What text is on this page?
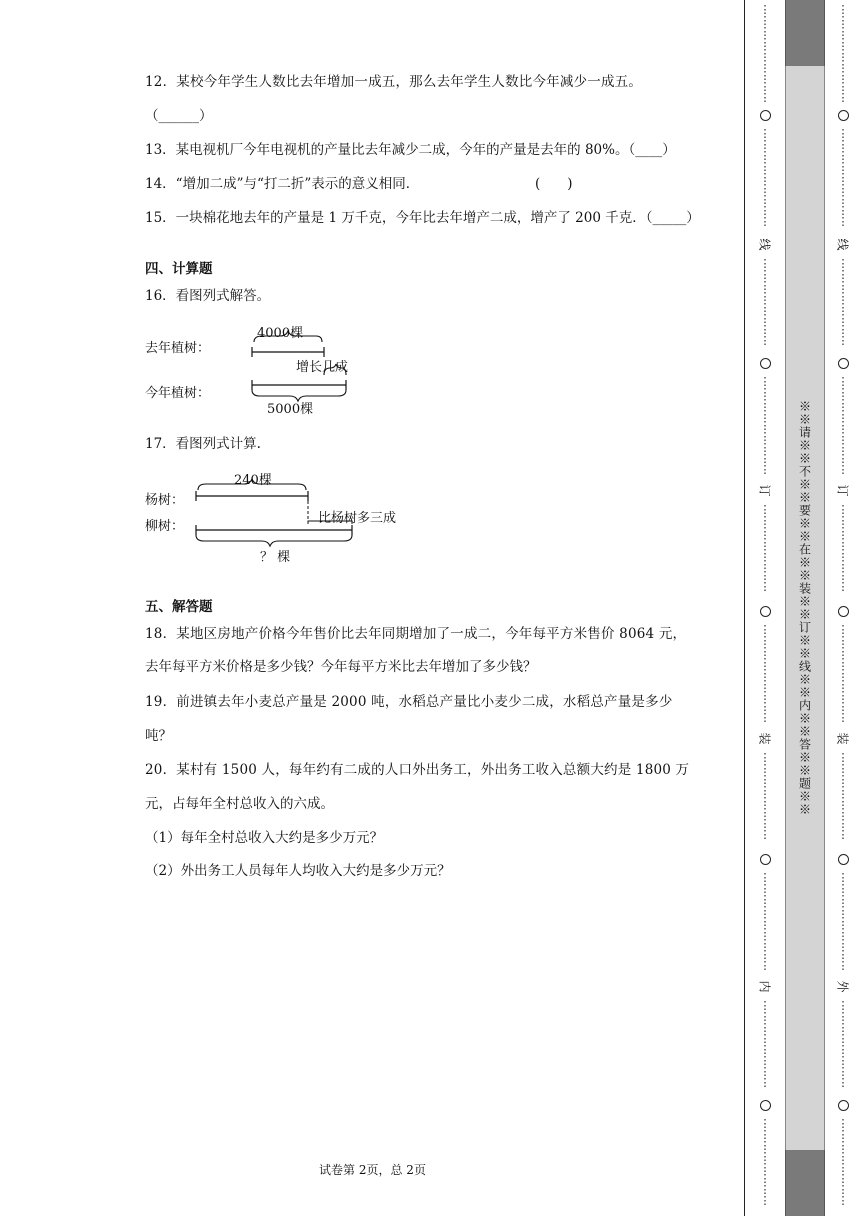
12．某校今年学生人数比去年增加一成五，那么去年学生人数比今年减少一成五。
（______）
13．某电视机厂今年电视机的产量比去年减少二成，今年的产量是去年的 80%。（____）
14．“增加二成”与“打二折”表示的意义相同．	(　　)
15．一块棉花地去年的产量是 1 万千克，今年比去年增产二成，增产了 200 千克．（_____）
四、计算题
16．看图列式解答。
4000棵
去年植树：
增长几成
今年植树：
5000棵
17．看图列式计算.
240棵
杨树：
比杨树多三成
柳树：
？ 棵
五、解答题
18．某地区房地产价格今年售价比去年同期增加了一成二，今年每平方米售价 8064 元，
去年每平方米价格是多少钱？今年每平方米比去年增加了多少钱？
19．前进镇去年小麦总产量是 2000 吨，水稻总产量比小麦少二成，水稻总产量是多少
吨？
20．某村有 1500 人，每年约有二成的人口外出务工，外出务工收入总额大约是 1800 万
元，占每年全村总收入的六成。
（1）每年全村总收入大约是多少万元？
（2）外出务工人员每年人均收入大约是多少万元？
试卷第 2页，总 2页
※※请※※不※※要※※在※※装※※订※※线※※内※※答※※题※※
⋮
⋮
⋮
⋮
⋮
⋮
⋮
⋮
⋮
⋮
⋮
⋮
⋮
⋮
⋮
⋮
⋮
⋮
⋮
⋮
⋮
⋮
⋮
⋮
⋮
⋮
⋮
⋮
⋮
⋮
⋮
⋮
⋮
⋮
⋮
⋮
⋮
⋮
⋮
⋮
⋮
⋮
⋮
⋮
⋮
⋮
⋮
⋮
⋮
⋮
⋮
⋮
⋮
⋮
⋮
⋮
⋮
⋮
⋮
⋮
⋮
⋮
⋮
⋮
⋮
⋮
⋮
⋮
⋮
⋮
⋮
⋮
⋮
⋮
⋮
⋮
⋮
⋮
⋮
⋮
⋮
⋮
⋮
⋮
⋮
线
订
装
内
⋮
⋮
⋮
⋮
⋮
⋮
⋮
⋮
⋮
⋮
⋮
⋮
⋮
⋮
⋮
⋮
⋮
⋮
⋮
⋮
⋮
⋮
⋮
⋮
⋮
⋮
⋮
⋮
⋮
⋮
⋮
⋮
⋮
⋮
⋮
⋮
⋮
⋮
⋮
⋮
⋮
⋮
⋮
⋮
⋮
⋮
⋮
⋮
⋮
⋮
⋮
⋮
⋮
⋮
⋮
⋮
⋮
⋮
⋮
⋮
⋮
⋮
⋮
⋮
⋮
⋮
⋮
⋮
⋮
⋮
⋮
⋮
⋮
⋮
⋮
⋮
⋮
⋮
⋮
⋮
⋮
⋮
⋮
⋮
⋮
线
订
装
外
